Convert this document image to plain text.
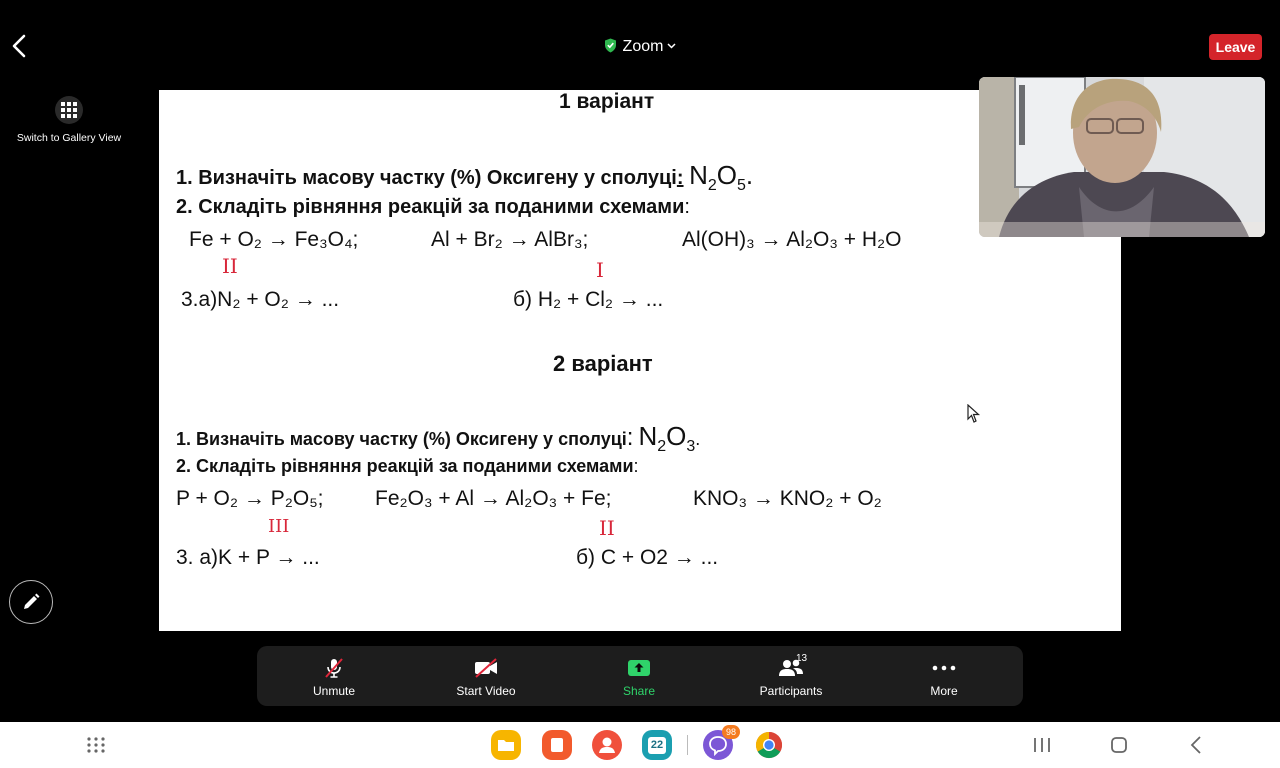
Zoom	Leave
Switch to Gallery View
1 варіант
1. Визначіть масову частку (%) Оксигену у сполуці: $N_2O_5$.
2. Складіть рівняння реакцій за поданими схемами:
Fe + O₂ → Fe₃O₄;	Al + Br₂ → AlBr₃;	Al(OH)₃ → Al₂O₃ + H₂O
II	I
3.а)N₂ + O₂ → ...	б) H₂ + Cl₂ → ...
2 варіант
1. Визначіть масову частку (%) Оксигену у сполуці: $N_2O_3$.
2. Складіть рівняння реакцій за поданими схемами:
P + O₂ → P₂O₅; Fe₂O₃ + Al → Al₂O₃ + Fe;	KNO₃ → KNO₂ + O₂
III	II
3. а)K + P → ...	б) C + O2 → ...
Unmute	Start Video	Share
13
Participants	More
22
98
